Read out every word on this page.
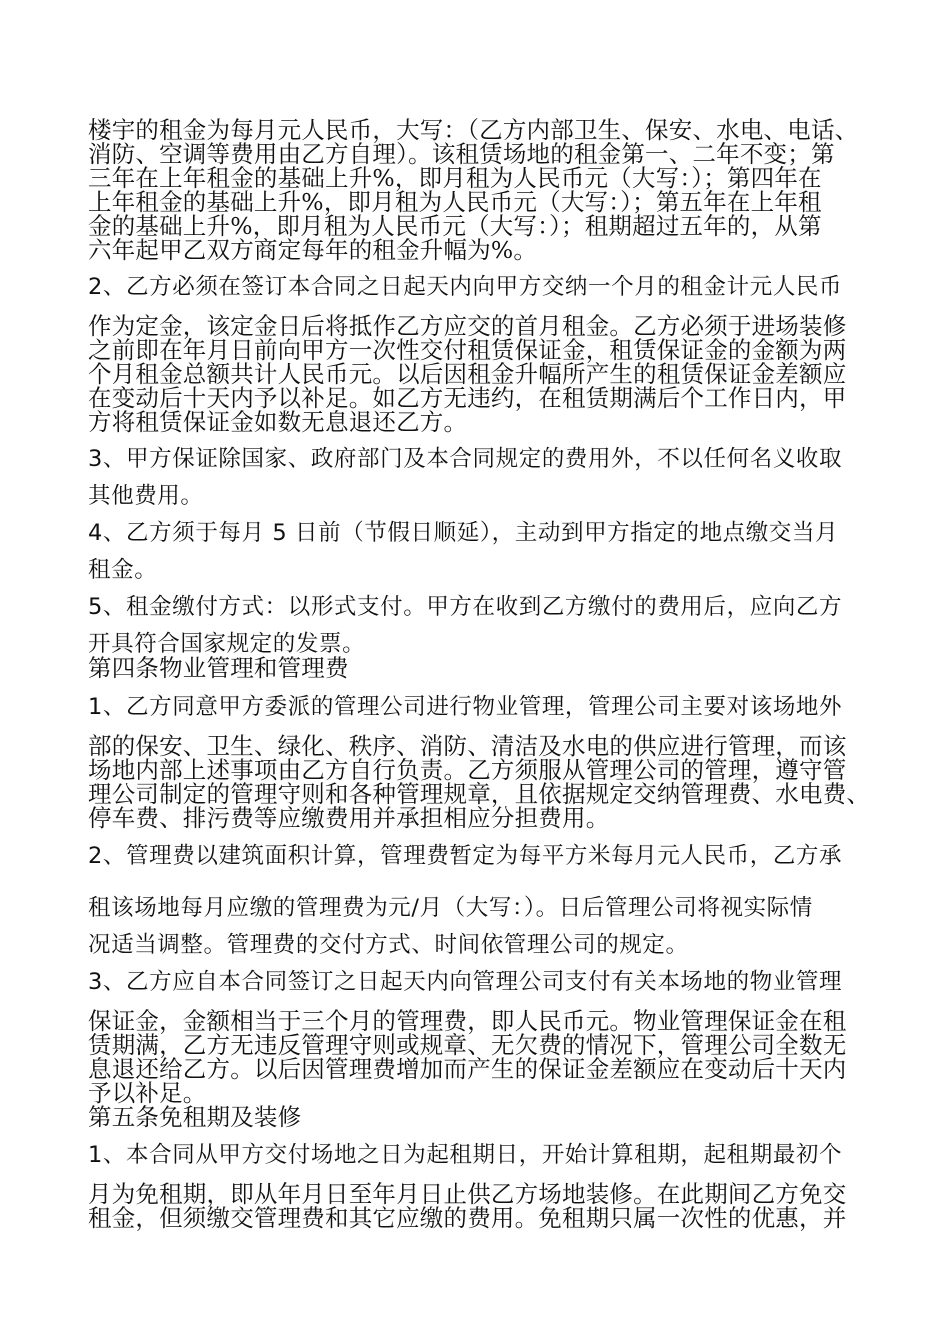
楼宇的租金为每月元人民币，大写：（乙方内部卫生、保安、水电、电话、
消防、空调等费用由乙方自理）。该租赁场地的租金第一、二年不变；第
三年在上年租金的基础上升%，即月租为人民币元（大写：）；第四年在
上年租金的基础上升%，即月租为人民币元（大写：）；第五年在上年租
金的基础上升%，即月租为人民币元（大写：）；租期超过五年的，从第
六年起甲乙双方商定每年的租金升幅为%。
2、乙方必须在签订本合同之日起天内向甲方交纳一个月的租金计元人民币
作为定金，该定金日后将抵作乙方应交的首月租金。乙方必须于进场装修
之前即在年月日前向甲方一次性交付租赁保证金，租赁保证金的金额为两
个月租金总额共计人民币元。以后因租金升幅所产生的租赁保证金差额应
在变动后十天内予以补足。如乙方无违约，在租赁期满后个工作日内，甲
方将租赁保证金如数无息退还乙方。
3、甲方保证除国家、政府部门及本合同规定的费用外，不以任何名义收取
其他费用。
4、乙方须于每月 5 日前（节假日顺延），主动到甲方指定的地点缴交当月
租金。
5、租金缴付方式：以形式支付。甲方在收到乙方缴付的费用后，应向乙方
开具符合国家规定的发票。
第四条物业管理和管理费
1、乙方同意甲方委派的管理公司进行物业管理，管理公司主要对该场地外
部的保安、卫生、绿化、秩序、消防、清洁及水电的供应进行管理，而该
场地内部上述事项由乙方自行负责。乙方须服从管理公司的管理，遵守管
理公司制定的管理守则和各种管理规章，且依据规定交纳管理费、水电费、
停车费、排污费等应缴费用并承担相应分担费用。
2、管理费以建筑面积计算，管理费暂定为每平方米每月元人民币，乙方承
租该场地每月应缴的管理费为元/月（大写：）。日后管理公司将视实际情
况适当调整。管理费的交付方式、时间依管理公司的规定。
3、乙方应自本合同签订之日起天内向管理公司支付有关本场地的物业管理
保证金，金额相当于三个月的管理费，即人民币元。物业管理保证金在租
赁期满，乙方无违反管理守则或规章、无欠费的情况下，管理公司全数无
息退还给乙方。以后因管理费增加而产生的保证金差额应在变动后十天内
予以补足。
第五条免租期及装修
1、本合同从甲方交付场地之日为起租期日，开始计算租期，起租期最初个
月为免租期，即从年月日至年月日止供乙方场地装修。在此期间乙方免交
租金，但须缴交管理费和其它应缴的费用。免租期只属一次性的优惠，并
